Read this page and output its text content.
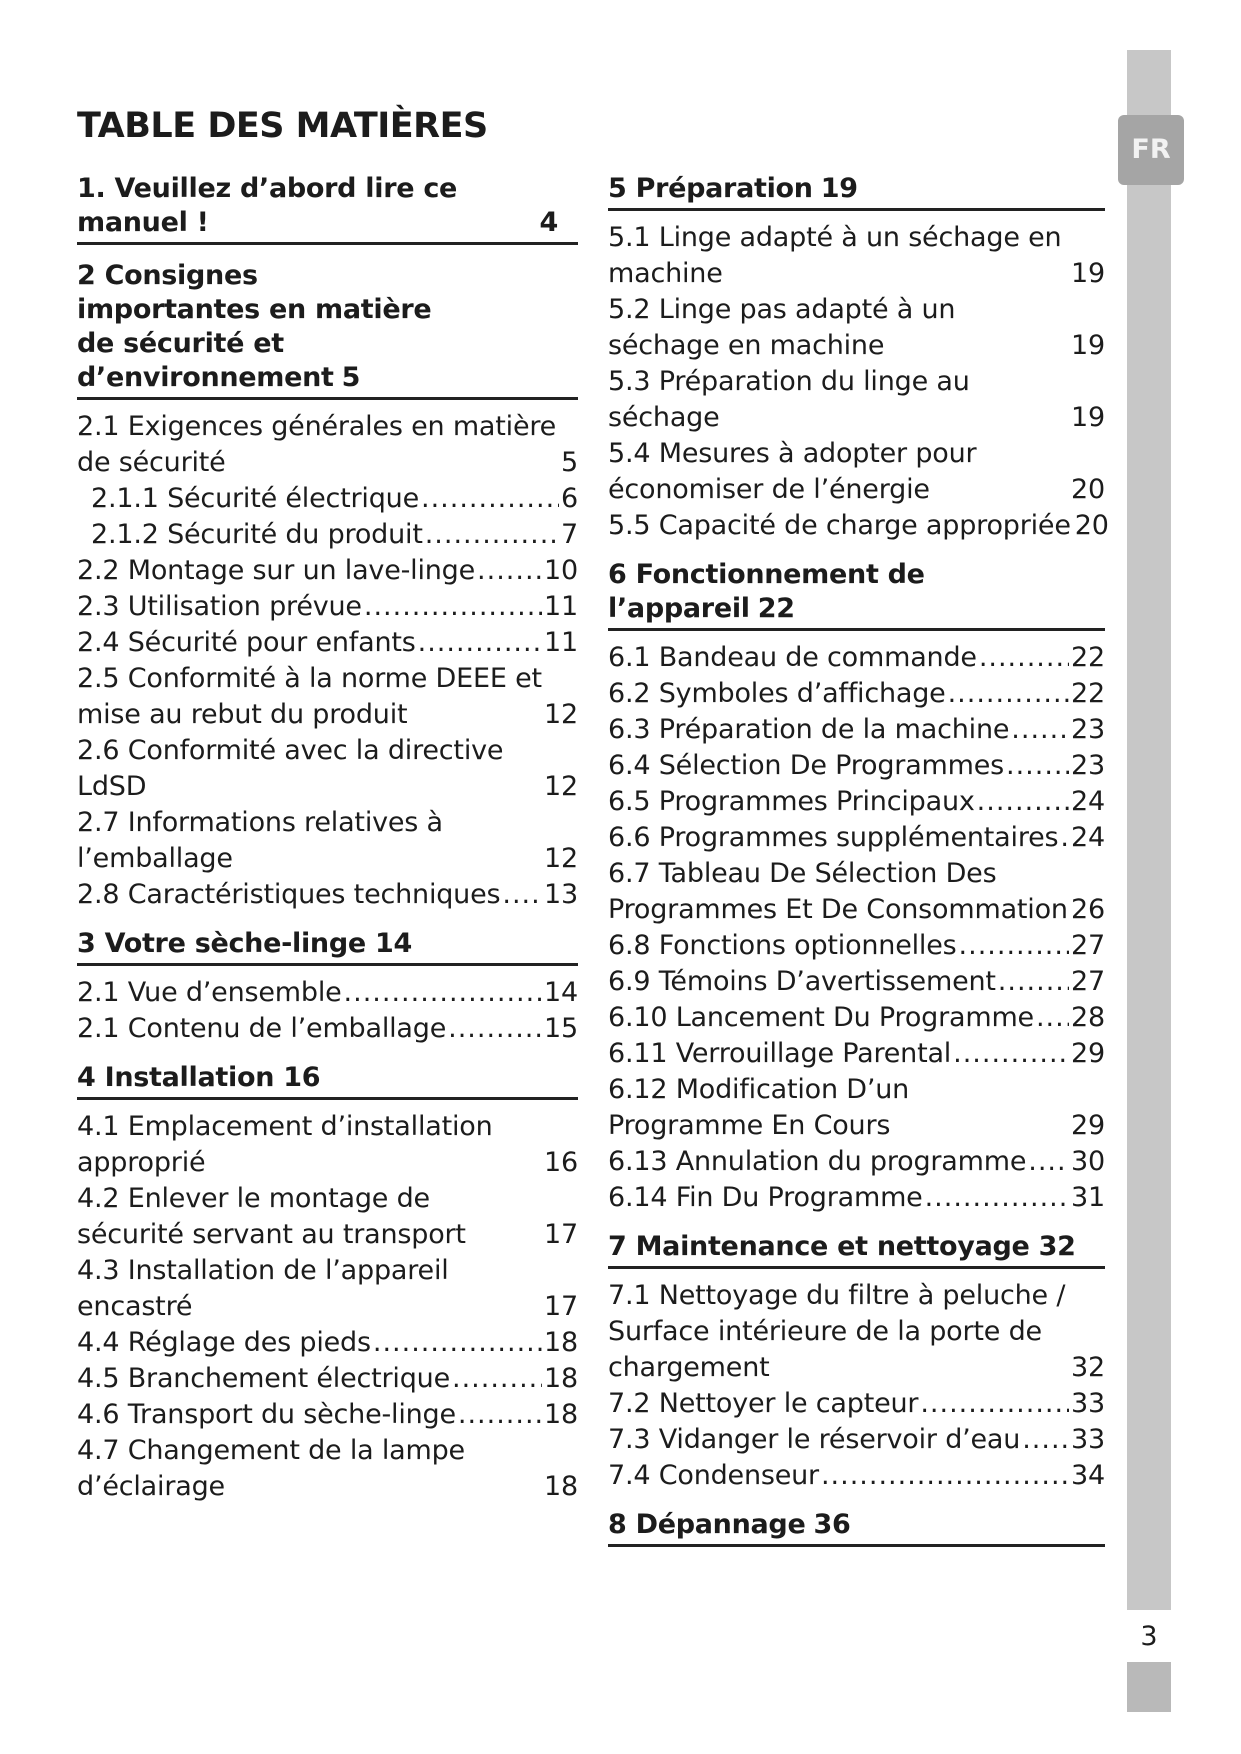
TABLE DES MATIÈRES
1. Veuillez d’abord lire ce manuel !	4
2 Consignes importantes en matière de sécurité et d’environnement 5
2.1 Exigences générales en matière de sécurité	5
2.1.1 Sécurité électrique .....	6
2.1.2 Sécurité du produit .....	7
2.2 Montage sur un lave-linge .....	10
2.3 Utilisation prévue .....	11
2.4 Sécurité pour enfants .....	11
2.5 Conformité à la norme DEEE et mise au rebut du produit	12
2.6 Conformité avec la directive LdSD	12
2.7 Informations relatives à l’emballage	12
2.8 Caractéristiques techniques ..... 13
3 Votre sèche-linge 14
2.1 Vue d’ensemble .....	14
2.1 Contenu de l’emballage .....	15
4 Installation 16
4.1 Emplacement d’installation approprié	16
4.2 Enlever le montage de sécurité servant au transport	17
4.3 Installation de l’appareil encastré	17
4.4 Réglage des pieds .....	18
4.5 Branchement électrique .....	18
4.6 Transport du sèche-linge .....	18
4.7 Changement de la lampe d’éclairage	18
5 Préparation 19
5.1 Linge adapté à un séchage en machine	19
5.2 Linge pas adapté à un séchage en machine	19
5.3 Préparation du linge au séchage	19
5.4 Mesures à adopter pour économiser de l’énergie	20
5.5 Capacité de charge appropriée 20
6 Fonctionnement de l’appareil 22
6.1 Bandeau de commande .....	22
6.2 Symboles d’affichage .....	22
6.3 Préparation de la machine ..... 23
6.4 Sélection De Programmes ..... 23
6.5 Programmes Principaux .....	24
6.6 Programmes supplémentaires ..... 24
6.7 Tableau De Sélection Des Programmes Et De Consommation 26
6.8 Fonctions optionnelles .....	27
6.9 Témoins D’avertissement .....	27
6.10 Lancement Du Programme ..... 28
6.11 Verrouillage Parental .....	29
6.12 Modification D’un Programme En Cours	29
6.13 Annulation du programme ..... 30
6.14 Fin Du Programme .....	31
7 Maintenance et nettoyage 32
7.1 Nettoyage du filtre à peluche / Surface intérieure de la porte de chargement	32
7.2 Nettoyer le capteur .....	33
7.3 Vidanger le réservoir d’eau ..... 33
7.4 Condenseur .....	34
8 Dépannage 36
FR
3
